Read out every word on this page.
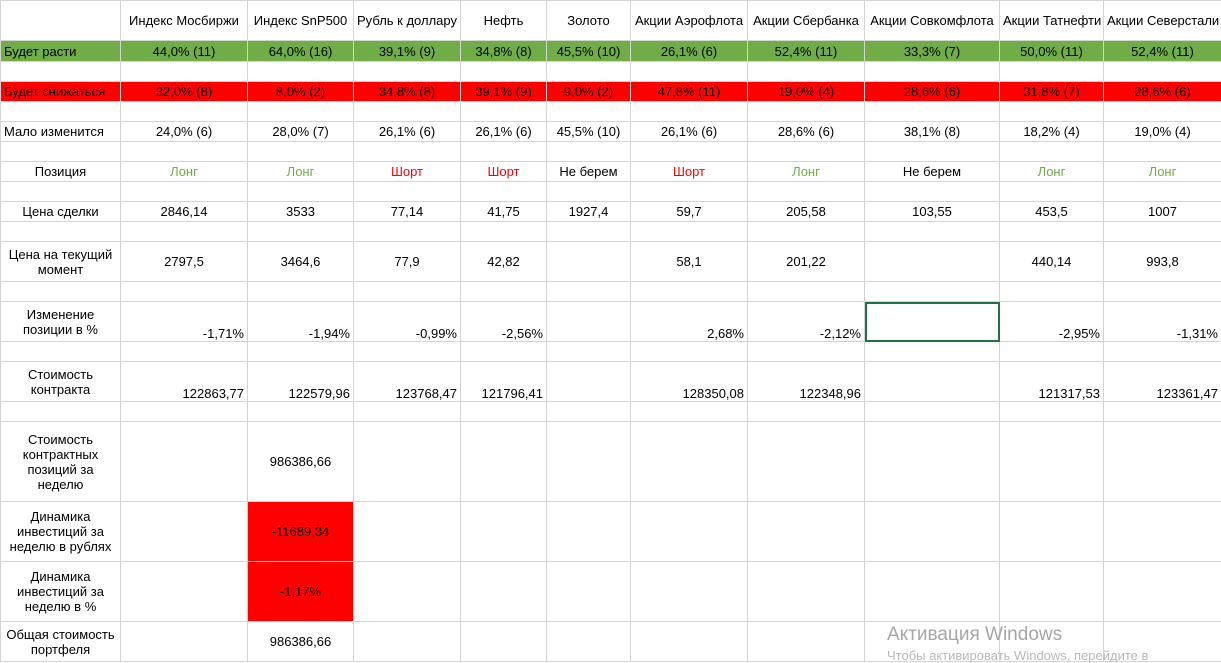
	Индекс Мосбиржи	Индекс SnP500	Рубль к доллару	Нефть	Золото	Акции Аэрофлота	Акции Сбербанка	Акции Совкомфлота	Акции Татнефти	Акции Северстали
Будет расти	44,0% (11)	64,0% (16)	39,1% (9)	34,8% (8)	45,5% (10)	26,1% (6)	52,4% (11)	33,3% (7)	50,0% (11)	52,4% (11)

Будет снижаться	32,0% (8)	8,0% (2)	34,8% (8)	39,1% (9)	9,0% (2)	47,8% (11)	19,0% (4)	28,6% (6)	31,8% (7)	28,6% (6)

Мало изменится	24,0% (6)	28,0% (7)	26,1% (6)	26,1% (6)	45,5% (10)	26,1% (6)	28,6% (6)	38,1% (8)	18,2% (4)	19,0% (4)

Позиция	Лонг	Лонг	Шорт	Шорт	Не берем	Шорт	Лонг	Не берем	Лонг	Лонг

Цена сделки	2846,14	3533	77,14	41,75	1927,4	59,7	205,58	103,55	453,5	1007

Цена на текущий момент	2797,5	3464,6	77,9	42,82		58,1	201,22		440,14	993,8

Изменение позиции в %	-1,71%	-1,94%	-0,99%	-2,56%		2,68%	-2,12%		-2,95%	-1,31%

Стоимость контракта	122863,77	122579,96	123768,47	121796,41		128350,08	122348,96		121317,53	123361,47

Стоимость контрактных позиций за неделю		986386,66								
Динамика инвестиций за неделю в рублях		-11689,34								
Динамика инвестиций за неделю в %		-1,17%								
Общая стоимость портфеля		986386,66									Активация Windows
Чтобы активировать Windows, перейдите в
